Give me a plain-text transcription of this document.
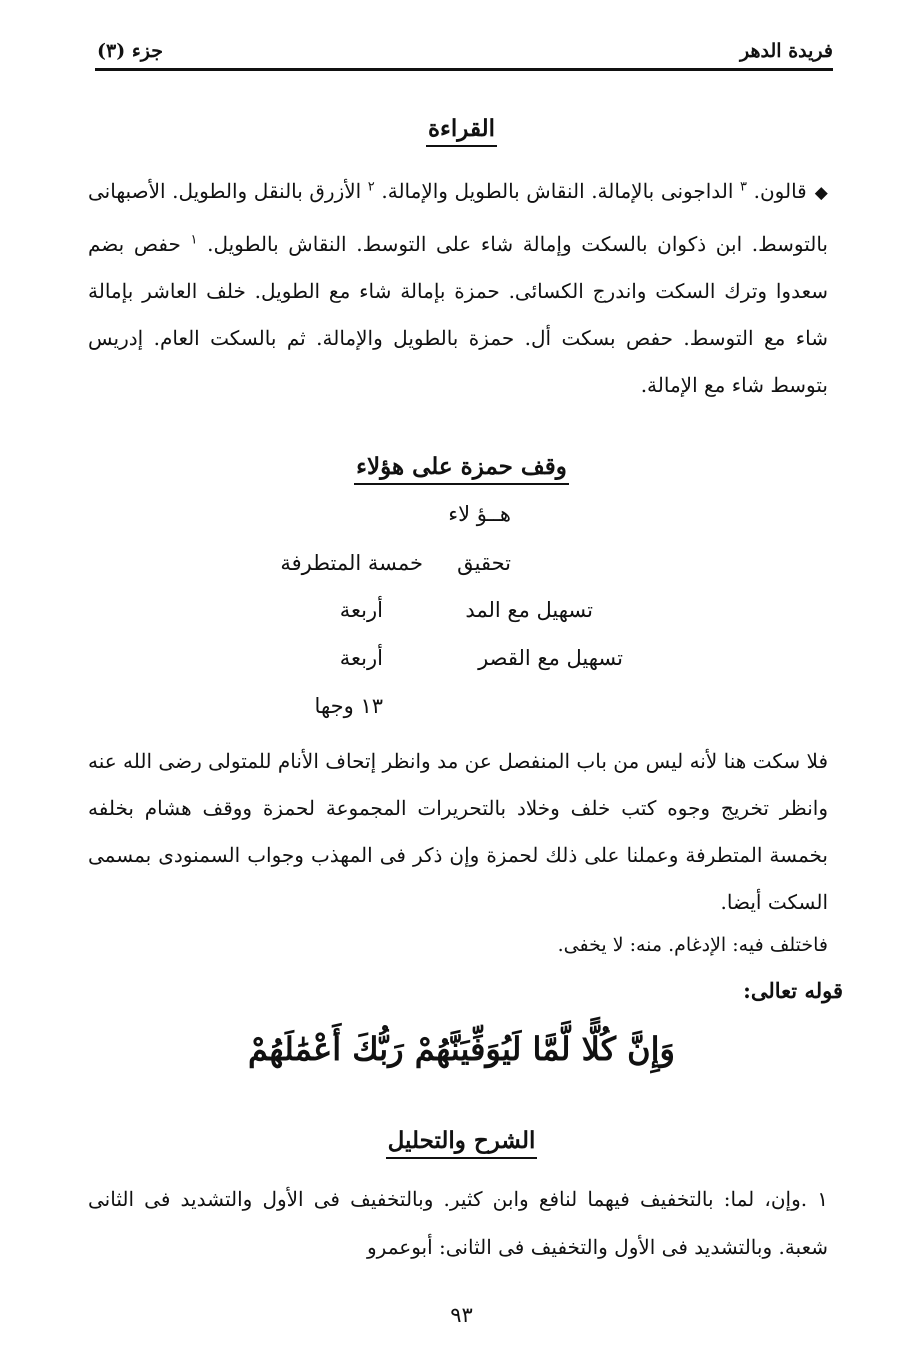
فريدة الدهر
جزء (٣)
القراءة
◆قالون. $^٣$ الداجونى بالإمالة. النقاش بالطويل والإمالة. $^٢$ الأزرق بالنقل والطويل. الأصبهانى بالتوسط. ابن ذكوان بالسكت وإمالة شاء على التوسط. النقاش بالطويل. $^١$ حفص بضم سعدوا وترك السكت واندرج الكسائى. حمزة بإمالة شاء مع الطويل. خلف العاشر بإمالة شاء مع التوسط. حفص بسكت أل. حمزة بالطويل والإمالة. ثم بالسكت العام. إدريس بتوسط شاء مع الإمالة.
وقف حمزة على هؤلاء
هــؤ لاء
تحقيق
خمسة المتطرفة
تسهيل مع المد
أربعة
تسهيل مع القصر
أربعة
١٣ وجها
فلا سكت هنا لأنه ليس من باب المنفصل عن مد وانظر إتحاف الأنام للمتولى رضى الله عنه وانظر تخريج وجوه كتب خلف وخلاد بالتحريرات المجموعة لحمزة ووقف هشام بخلفه بخمسة المتطرفة وعملنا على ذلك لحمزة وإن ذكر فى المهذب وجواب السمنودى بمسمى السكت أيضا.
فاختلف فيه: الإدغام. منه: لا يخفى.
قوله تعالى:
وَإِنَّ كُلًّا لَّمَّا لَيُوَفِّيَنَّهُمْ رَبُّكَ أَعْمَٰلَهُمْ
الشرح والتحليل
١ .وإن، لما: بالتخفيف فيهما لنافع وابن كثير. وبالتخفيف فى الأول والتشديد فى الثانى شعبة. وبالتشديد فى الأول والتخفيف فى الثانى: أبوعمرو
٩٣
